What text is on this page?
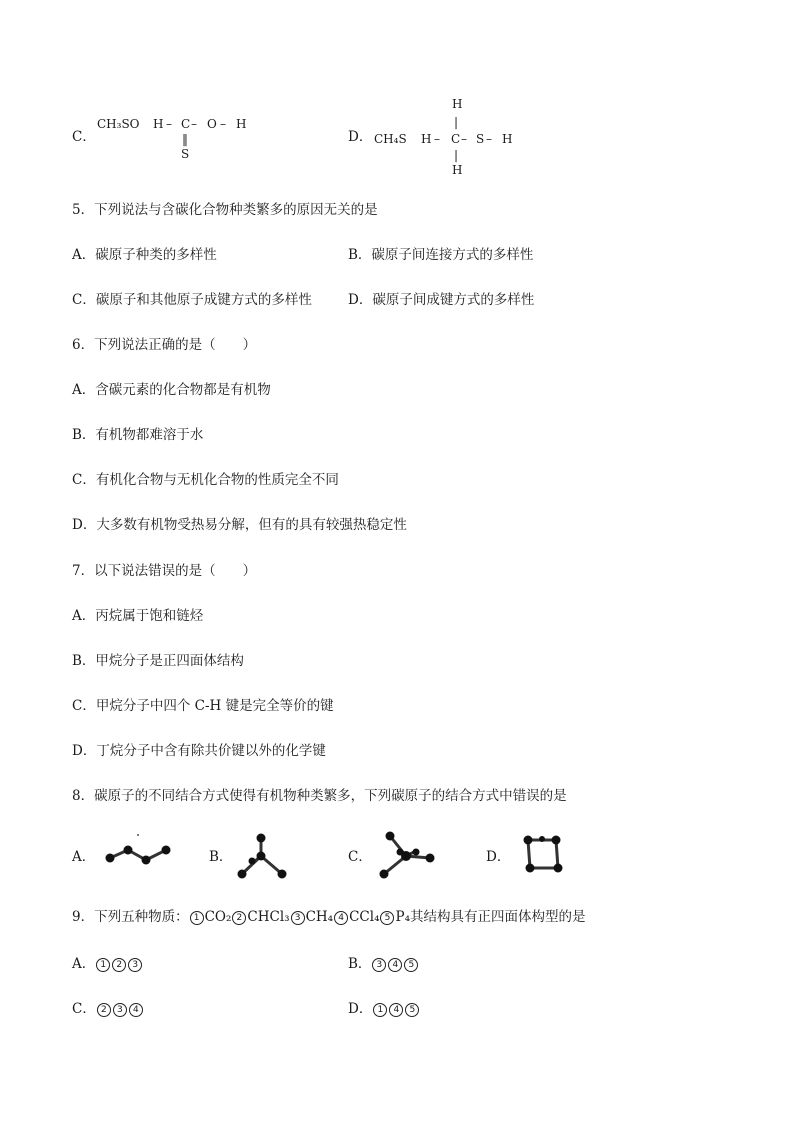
C．
CH₃SO H – C – O – H
‖
S
D． CH₄S
H
|
H – C – S – H
|
H
5．下列说法与含碳化合物种类繁多的原因无关的是
A．碳原子种类的多样性	B．碳原子间连接方式的多样性
C．碳原子和其他原子成键方式的多样性	D．碳原子间成键方式的多样性
6．下列说法正确的是（　　）
A．含碳元素的化合物都是有机物
B．有机物都难溶于水
C．有机化合物与无机化合物的性质完全不同
D．大多数有机物受热易分解，但有的具有较强热稳定性
7．以下说法错误的是（　　）
A．丙烷属于饱和链烃
B．甲烷分子是正四面体结构
C．甲烷分子中四个 C-H 键是完全等价的键
D．丁烷分子中含有除共价键以外的化学键
8．碳原子的不同结合方式使得有机物种类繁多，下列碳原子的结合方式中错误的是
A．	B．	C．	D．
9．下列五种物质： 1 CO₂ 2 CHCl₃ 3 CH₄ 4 CCl₄ 5 P₄其结构具有正四面体构型的是
A． 1 2 3	B． 3 4 5
C． 2 3 4	D． 1 4 5
